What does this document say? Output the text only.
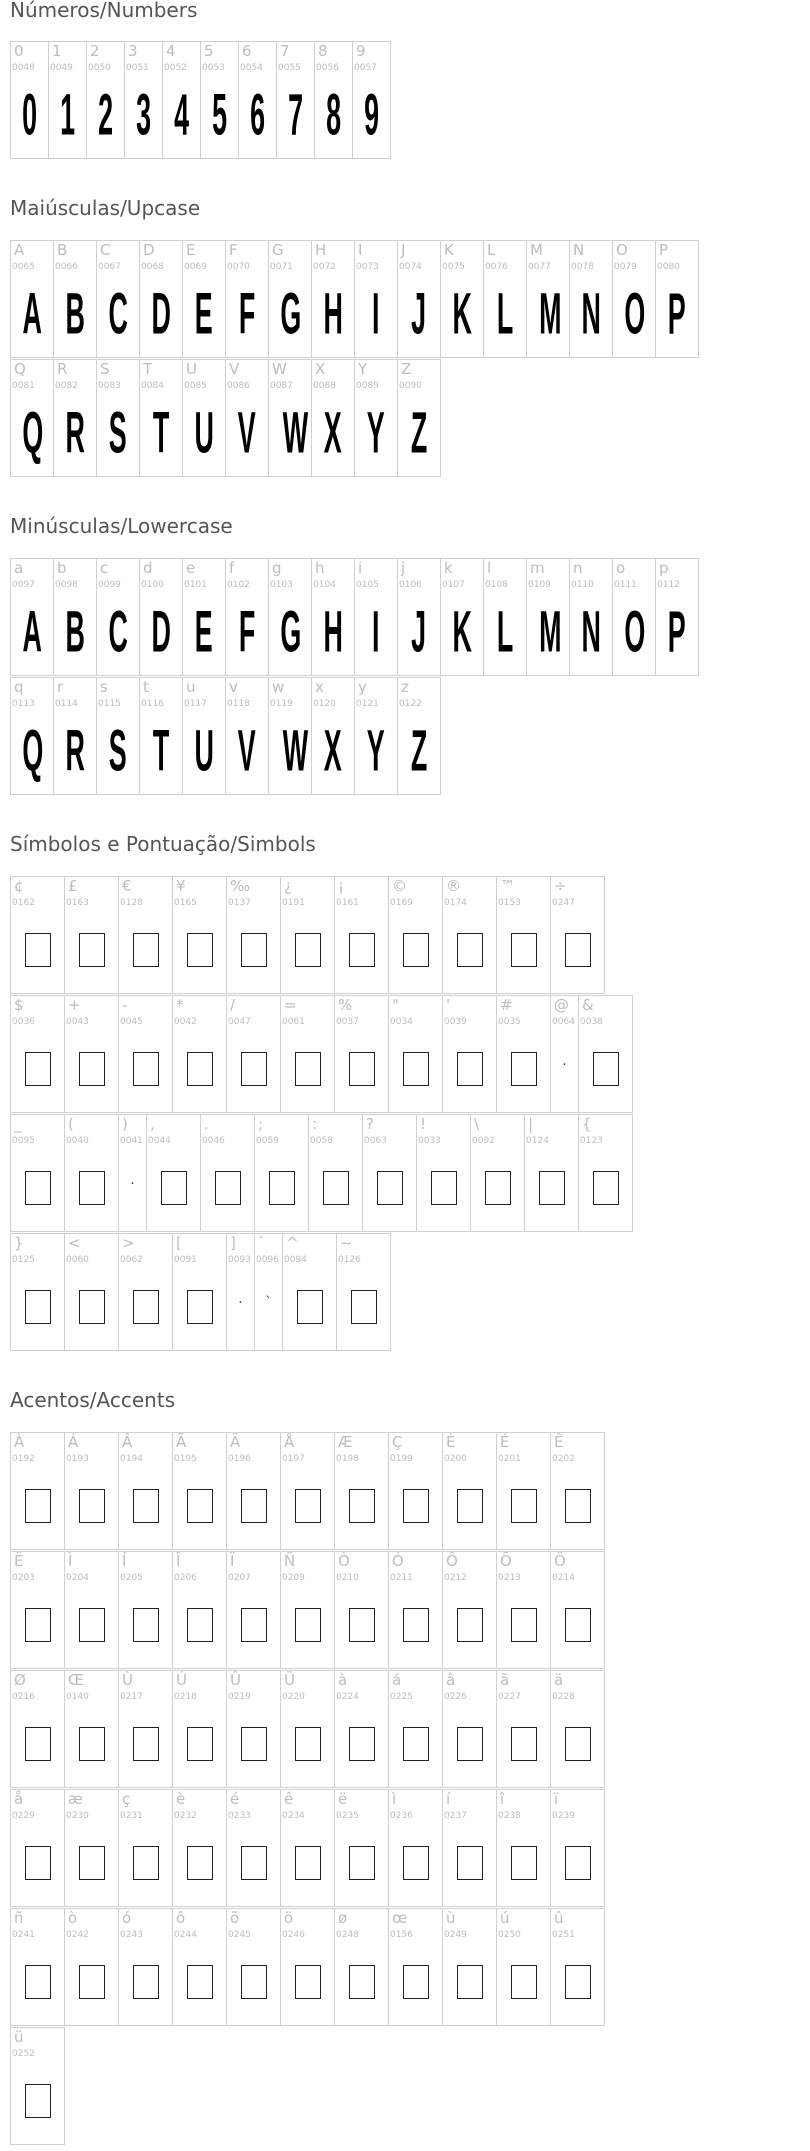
Números/Numbers
0
0048
0
1
0049
1
2
0050
2
3
0051
3
4
0052
4
5
0053
5
6
0054
6
7
0055
7
8
0056
8
9
0057
9
Maiúsculas/Upcase
A
0065
A
B
0066
B
C
0067
C
D
0068
D
E
0069
E
F
0070
F
G
0071
G
H
0072
H
I
0073
I
J
0074
J
K
0075
K
L
0076
L
M
0077
M
N
0078
N
O
0079
O
P
0080
P
Q
0081
Q
R
0082
R
S
0083
S
T
0084
T
U
0085
U
V
0086
V
W
0087
W
X
0088
X
Y
0089
Y
Z
0090
Z
Minúsculas/Lowercase
a
0097
A
b
0098
B
c
0099
C
d
0100
D
e
0101
E
f
0102
F
g
0103
G
h
0104
H
i
0105
I
j
0106
J
k
0107
K
l
0108
L
m
0109
M
n
0110
N
o
0111
O
p
0112
P
q
0113
Q
r
0114
R
s
0115
S
t
0116
T
u
0117
U
v
0118
V
w
0119
W
x
0120
X
y
0121
Y
z
0122
Z
Símbolos e Pontuação/Simbols
¢
0162
£
0163
€
0128
¥
0165
‰
0137
¿
0191
¡
0161
©
0169
®
0174
™
0153
÷
0247
$
0036
+
0043
-
0045
*
0042
/
0047
=
0061
%
0037
"
0034
'
0039
#
0035
@
0064
·
&
0038
_
0095
(
0040
)
0041
·
,
0044
.
0046
;
0059
:
0058
?
0063
!
0033
\
0092
|
0124
{
0123
}
0125
<
0060
>
0062
[
0091
]
0093
·
`
0096
`
^
0094
~
0126
Acentos/Accents
À
0192
Á
0193
Â
0194
Ã
0195
Ä
0196
Å
0197
Æ
0198
Ç
0199
È
0200
É
0201
Ê
0202
Ë
0203
Ì
0204
Í
0205
Î
0206
Ï
0207
Ñ
0209
Ò
0210
Ó
0211
Ô
0212
Õ
0213
Ö
0214
Ø
0216
Œ
0140
Ù
0217
Ú
0218
Û
0219
Ü
0220
à
0224
á
0225
â
0226
ã
0227
ä
0228
å
0229
æ
0230
ç
0231
è
0232
é
0233
ê
0234
ë
0235
ì
0236
í
0237
î
0238
ï
0239
ñ
0241
ò
0242
ó
0243
ô
0244
õ
0245
ö
0246
ø
0248
œ
0156
ù
0249
ú
0250
û
0251
ü
0252
